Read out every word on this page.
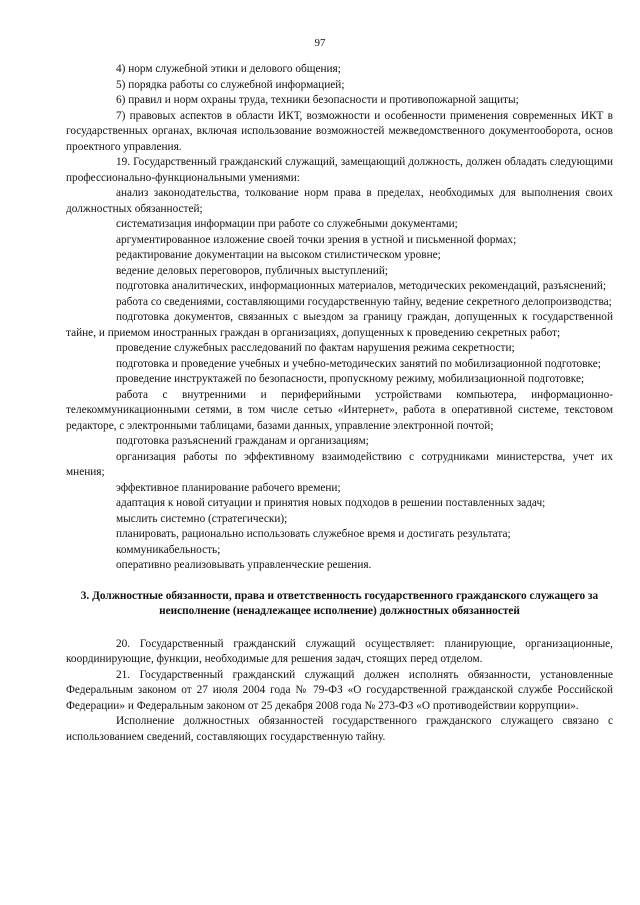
97

4) норм служебной этики и делового общения;

5) порядка работы со служебной информацией;

6) правил и норм охраны труда, техники безопасности и противопожарной защиты;

7) правовых аспектов в области ИКТ, возможности и особенности применения современных ИКТ в государственных органах, включая использование возможностей межведомственного документооборота, основ проектного управления.

19. Государственный гражданский служащий, замещающий должность, должен обладать следующими профессионально-функциональными умениями:

анализ законодательства, толкование норм права в пределах, необходимых для выполнения своих должностных обязанностей;

систематизация информации при работе со служебными документами;

аргументированное изложение своей точки зрения в устной и письменной формах;

редактирование документации на высоком стилистическом уровне;

ведение деловых переговоров, публичных выступлений;

подготовка аналитических, информационных материалов, методических рекомендаций, разъяснений;

работа со сведениями, составляющими государственную тайну, ведение секретного делопроизводства;

подготовка документов, связанных с выездом за границу граждан, допущенных к государственной тайне, и приемом иностранных граждан в организациях, допущенных к проведению секретных работ;

проведение служебных расследований по фактам нарушения режима секретности;

подготовка и проведение учебных и учебно-методических занятий по мобилизационной подготовке;

проведение инструктажей по безопасности, пропускному режиму, мобилизационной подготовке;

работа с внутренними и периферийными устройствами компьютера, информационно-телекоммуникационными сетями, в том числе сетью «Интернет», работа в оперативной системе, текстовом редакторе, с электронными таблицами, базами данных, управление электронной почтой;

подготовка разъяснений гражданам и организациям;

организация работы по эффективному взаимодействию с сотрудниками министерства, учет их мнения;

эффективное планирование рабочего времени;

адаптация к новой ситуации и принятия новых подходов в решении поставленных задач;

мыслить системно (стратегически);

планировать, рационально использовать служебное время и достигать результата;

коммуникабельность;

оперативно реализовывать управленческие решения.

3. Должностные обязанности, права и ответственность государственного гражданского служащего за неисполнение (ненадлежащее исполнение) должностных обязанностей

20. Государственный гражданский служащий осуществляет: планирующие, организационные, координирующие, функции, необходимые для решения задач, стоящих перед отделом.

21. Государственный гражданский служащий должен исполнять обязанности, установленные Федеральным законом от 27 июля 2004 года № 79-ФЗ «О государственной гражданской службе Российской Федерации» и Федеральным законом от 25 декабря 2008 года № 273-ФЗ «О противодействии коррупции».

Исполнение должностных обязанностей государственного гражданского служащего связано с использованием сведений, составляющих государственную тайну.
